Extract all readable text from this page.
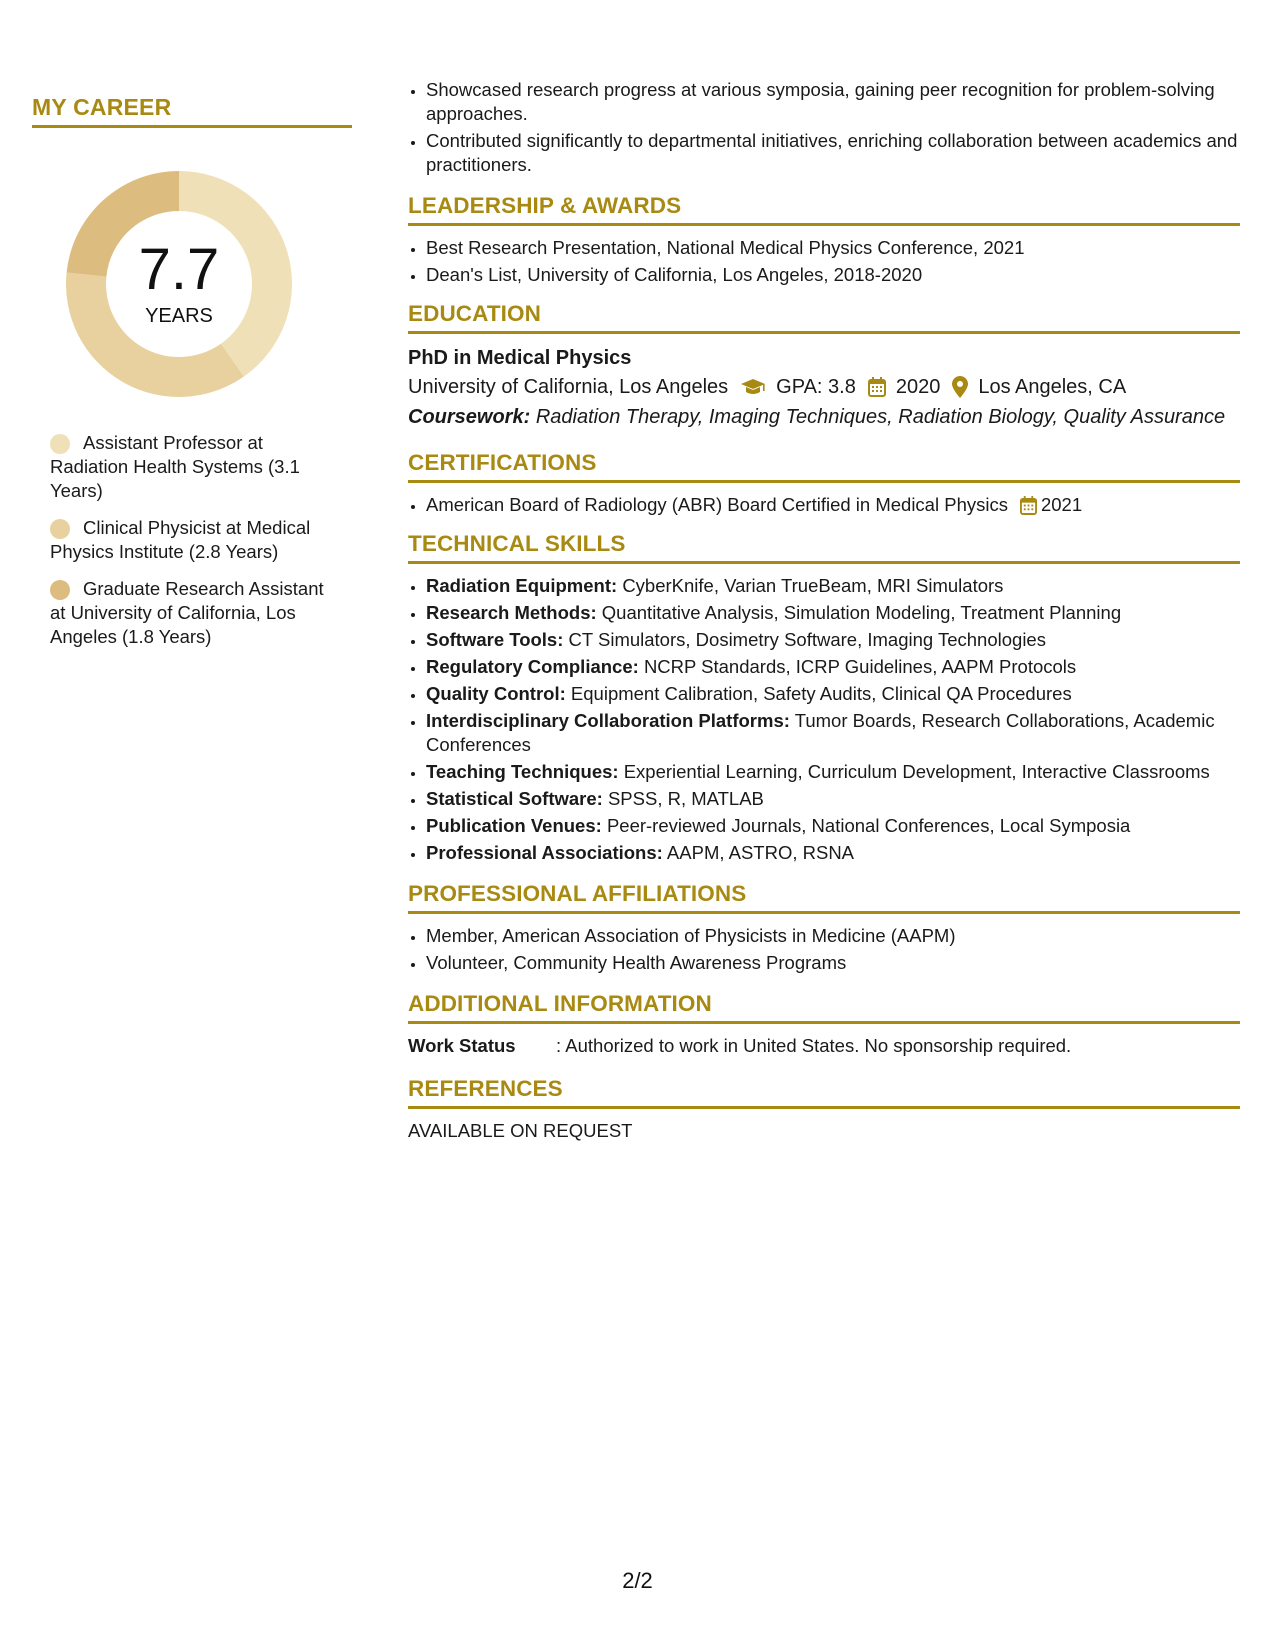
MY CAREER
7.7
YEARS
Assistant Professor at Radiation Health Systems (3.1 Years)
Clinical Physicist at Medical Physics Institute (2.8 Years)
Graduate Research Assistant at University of California, Los Angeles (1.8 Years)
• Showcased research progress at various symposia, gaining peer recognition for problem-solving approaches.
• Contributed significantly to departmental initiatives, enriching collaboration between academics and practitioners.
LEADERSHIP & AWARDS
• Best Research Presentation, National Medical Physics Conference, 2021
• Dean's List, University of California, Los Angeles, 2018-2020
EDUCATION
PhD in Medical Physics
University of California, Los Angeles GPA: 3.8 2020 Los Angeles, CA
Coursework: Radiation Therapy, Imaging Techniques, Radiation Biology, Quality Assurance
CERTIFICATIONS
• American Board of Radiology (ABR) Board Certified in Medical Physics 2021
TECHNICAL SKILLS
• Radiation Equipment: CyberKnife, Varian TrueBeam, MRI Simulators
• Research Methods: Quantitative Analysis, Simulation Modeling, Treatment Planning
• Software Tools: CT Simulators, Dosimetry Software, Imaging Technologies
• Regulatory Compliance: NCRP Standards, ICRP Guidelines, AAPM Protocols
• Quality Control: Equipment Calibration, Safety Audits, Clinical QA Procedures
• Interdisciplinary Collaboration Platforms: Tumor Boards, Research Collaborations, Academic Conferences
• Teaching Techniques: Experiential Learning, Curriculum Development, Interactive Classrooms
• Statistical Software: SPSS, R, MATLAB
• Publication Venues: Peer-reviewed Journals, National Conferences, Local Symposia
• Professional Associations: AAPM, ASTRO, RSNA
PROFESSIONAL AFFILIATIONS
• Member, American Association of Physicists in Medicine (AAPM)
• Volunteer, Community Health Awareness Programs
ADDITIONAL INFORMATION
Work Status	: Authorized to work in United States. No sponsorship required.
REFERENCES
AVAILABLE ON REQUEST
2/2
